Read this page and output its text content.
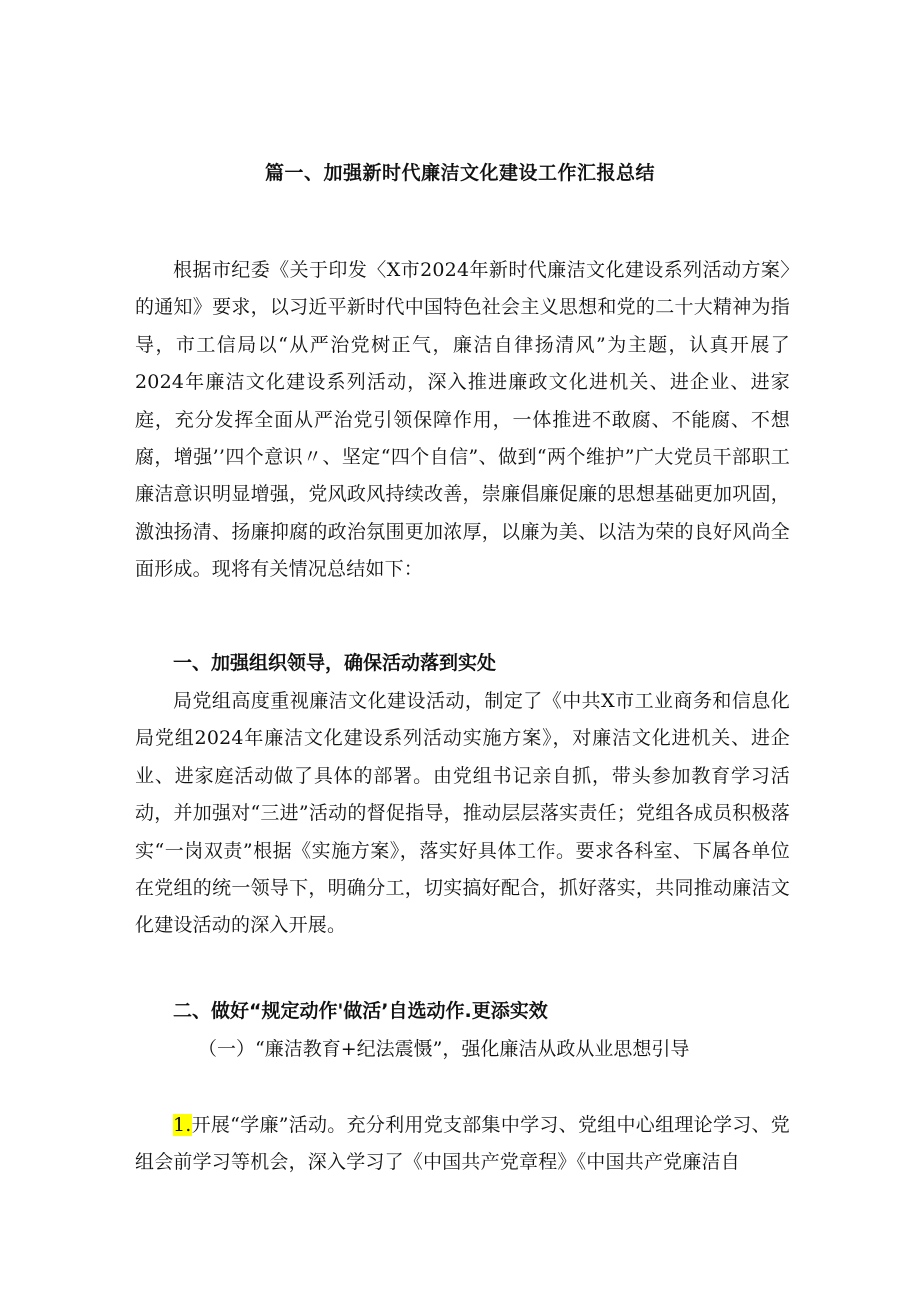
篇一、加强新时代廉洁文化建设工作汇报总结

根据市纪委《关于印发〈X市2024年新时代廉洁文化建设系列活动方案〉的通知》要求，以习近平新时代中国特色社会主义思想和党的二十大精神为指导，市工信局以“从严治党树正气，廉洁自律扬清风”为主题，认真开展了2024年廉洁文化建设系列活动，深入推进廉政文化进机关、进企业、进家庭，充分发挥全面从严治党引领保障作用，一体推进不敢腐、不能腐、不想腐，增强’’四个意识〃、坚定“四个自信”、做到“两个维护”广大党员干部职工廉洁意识明显增强，党风政风持续改善，崇廉倡廉促廉的思想基础更加巩固，激浊扬清、扬廉抑腐的政治氛围更加浓厚，以廉为美、以洁为荣的良好风尚全面形成。现将有关情况总结如下：

一、加强组织领导，确保活动落到实处

局党组高度重视廉洁文化建设活动，制定了《中共X市工业商务和信息化局党组2024年廉洁文化建设系列活动实施方案》，对廉洁文化进机关、进企业、进家庭活动做了具体的部署。由党组书记亲自抓，带头参加教育学习活动，并加强对“三进”活动的督促指导，推动层层落实责任；党组各成员积极落实“一岗双责”根据《实施方案》，落实好具体工作。要求各科室、下属各单位在党组的统一领导下，明确分工，切实搞好配合，抓好落实，共同推动廉洁文化建设活动的深入开展。

二、做好“规定动作'做活’自选动作.更添实效
（一）“廉洁教育+纪法震慑”，强化廉洁从政从业思想引导

1.开展“学廉”活动。充分利用党支部集中学习、党组中心组理论学习、党组会前学习等机会，深入学习了《中国共产党章程》《中国共产党廉洁自
